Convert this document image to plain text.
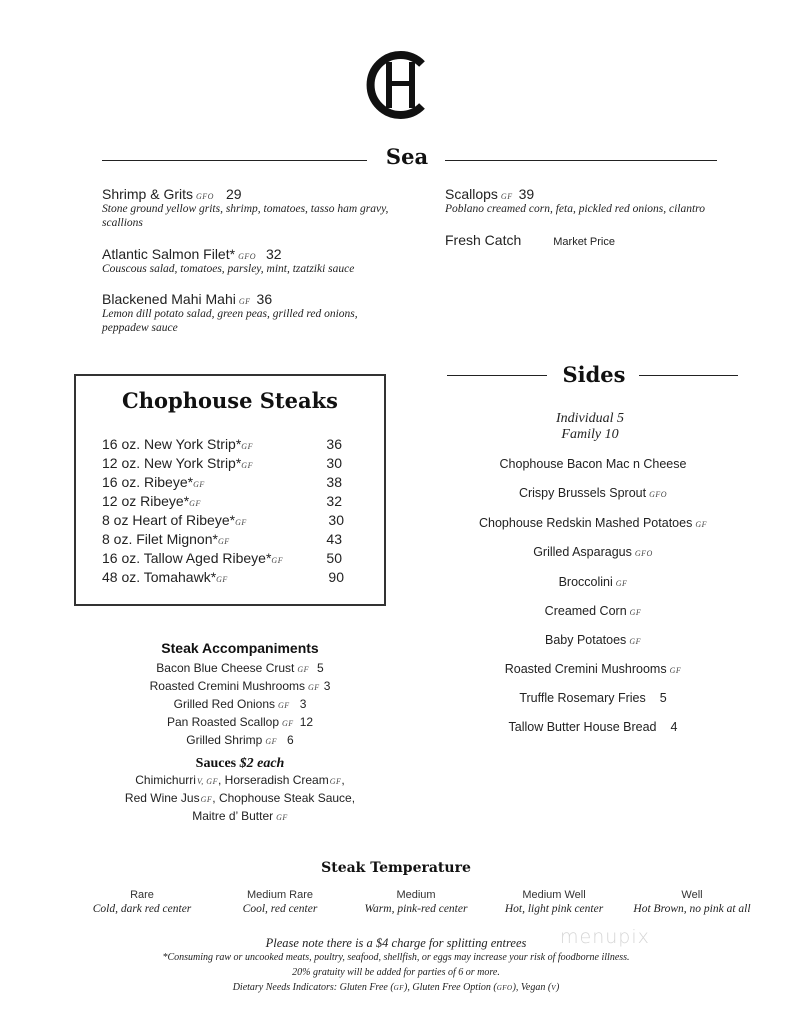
Sea
Shrimp & Grits GFO 29
Stone ground yellow grits, shrimp, tomatoes, tasso ham gravy, scallions
Atlantic Salmon Filet* GFO 32
Couscous salad, tomatoes, parsley, mint, tzatziki sauce
Blackened Mahi Mahi GF 36
Lemon dill potato salad, green peas, grilled red onions, peppadew sauce
Scallops GF 39
Poblano creamed corn, feta, pickled red onions, cilantro
Fresh Catch	Market Price
Chophouse Steaks
16 oz. New York Strip*GF	36
12 oz. New York Strip*GF	30
16 oz. Ribeye*GF	38
12 oz Ribeye*GF	32
8 oz Heart of Ribeye*GF	30
8 oz. Filet Mignon*GF	43
16 oz. Tallow Aged Ribeye*GF	50
48 oz. Tomahawk*GF	90
Steak Accompaniments
Bacon Blue Cheese Crust GF 5
Roasted Cremini Mushrooms GF 3
Grilled Red Onions GF 3
Pan Roasted Scallop GF 12
Grilled Shrimp GF 6
Sauces $2 each
ChimichurriV, GF, Horseradish CreamGF,
Red Wine JusGF, Chophouse Steak Sauce,
Maitre d’ Butter GF
Sides
Individual 5
Family 10
Chophouse Bacon Mac n Cheese
Crispy Brussels Sprout GFO
Chophouse Redskin Mashed Potatoes GF
Grilled Asparagus GFO
Broccolini GF
Creamed Corn GF
Baby Potatoes GF
Roasted Cremini Mushrooms GF
Truffle Rosemary Fries 5
Tallow Butter House Bread 4
Steak Temperature
Rare
Cold, dark red center
Medium Rare
Cool, red center
Medium
Warm, pink-red center
Medium Well
Hot, light pink center
Well
Hot Brown, no pink at all
menupix
Please note there is a $4 charge for splitting entrees
*Consuming raw or uncooked meats, poultry, seafood, shellfish, or eggs may increase your risk of foodborne illness.
20% gratuity will be added for parties of 6 or more.
Dietary Needs Indicators: Gluten Free (GF), Gluten Free Option (GFO), Vegan (V)
